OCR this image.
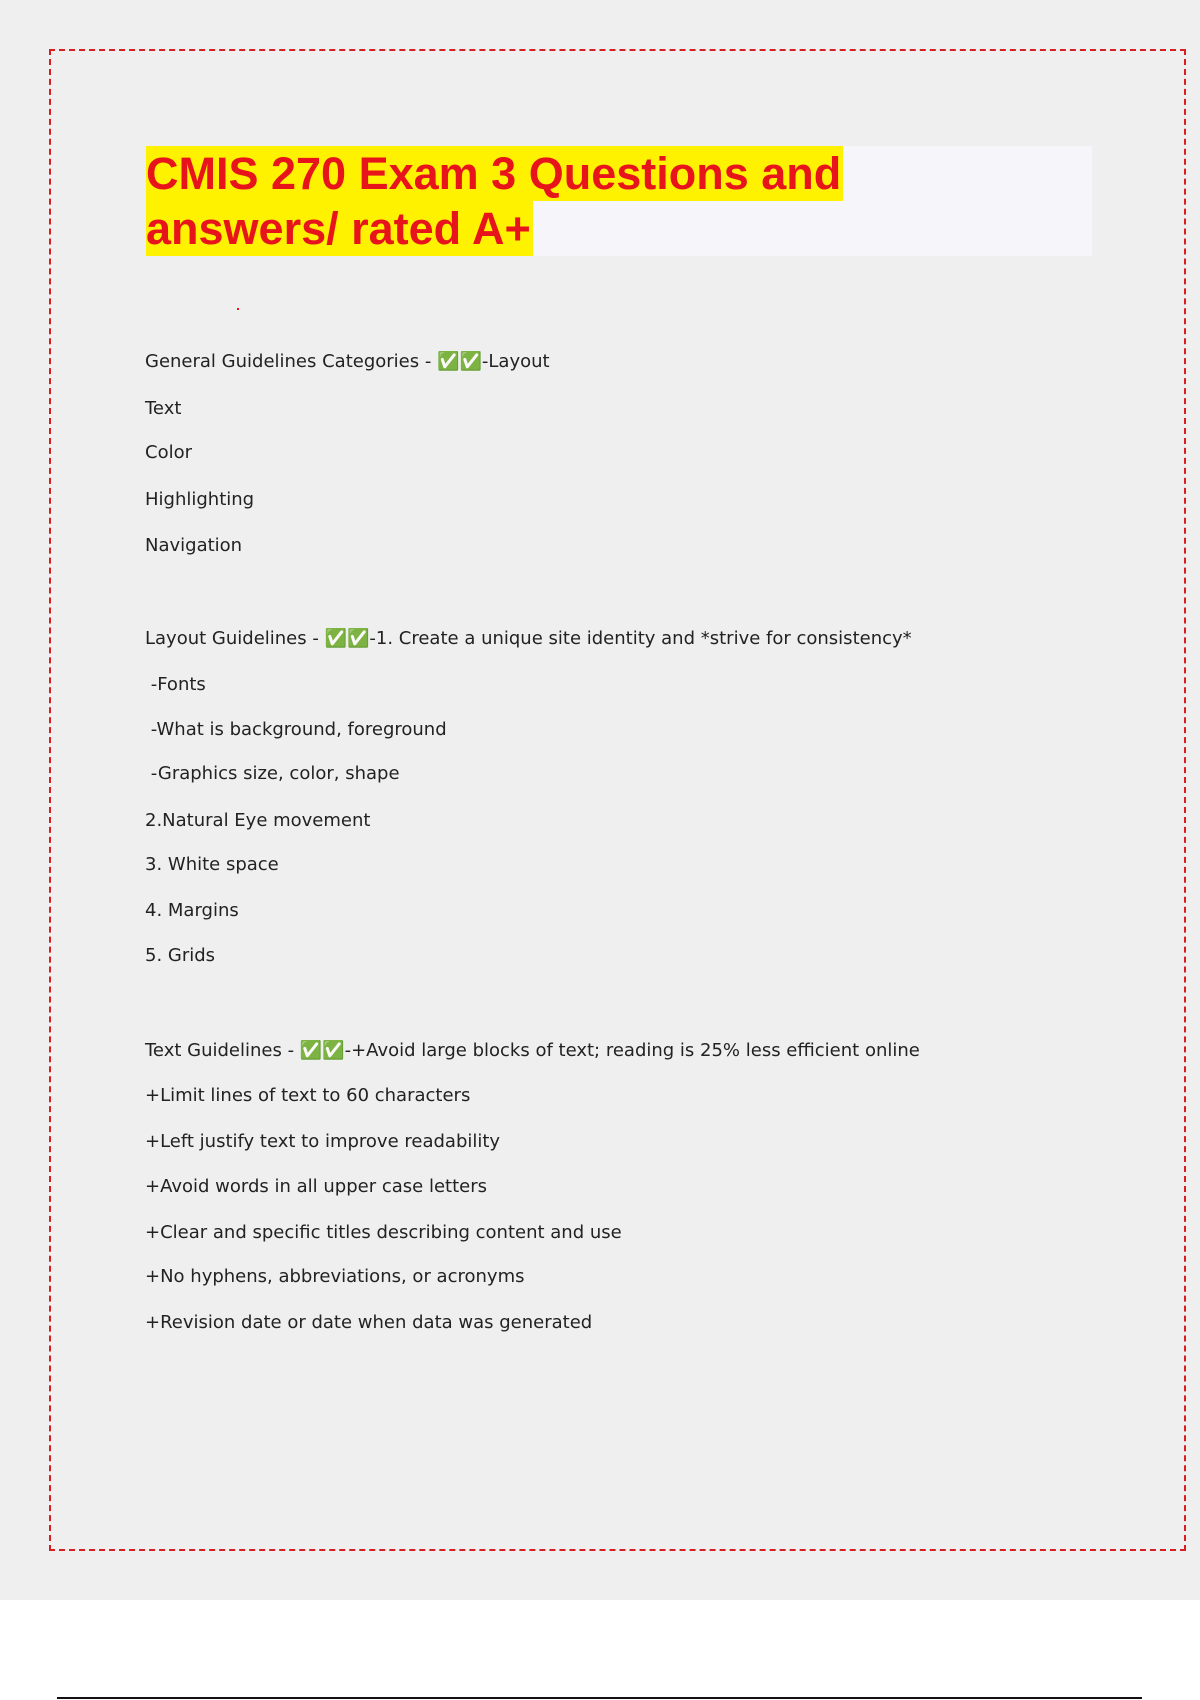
CMIS 270 Exam 3 Questions and
answers/ rated A+
General Guidelines Categories - ✅✅-Layout
Text
Color
Highlighting
Navigation
Layout Guidelines - ✅✅-1. Create a unique site identity and *strive for consistency*
-Fonts
-What is background, foreground
-Graphics size, color, shape
2.Natural Eye movement
3. White space
4. Margins
5. Grids
Text Guidelines - ✅✅-+Avoid large blocks of text; reading is 25% less efficient online
+Limit lines of text to 60 characters
+Left justify text to improve readability
+Avoid words in all upper case letters
+Clear and specific titles describing content and use
+No hyphens, abbreviations, or acronyms
+Revision date or date when data was generated
